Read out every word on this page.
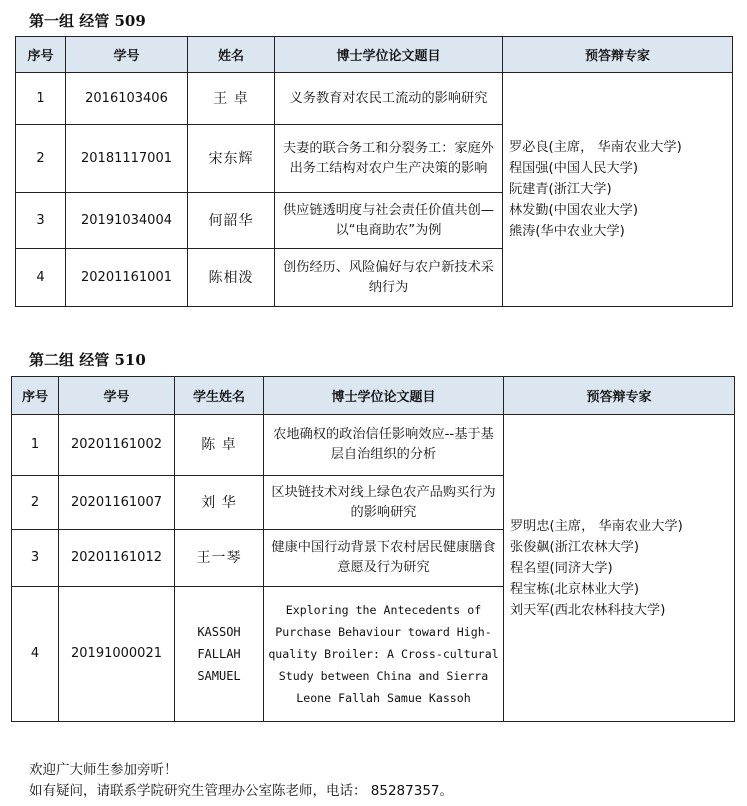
第一组 经管 509
序号	学号	姓名	博士学位论文题目	预答辩专家
1	2016103406	王 卓	义务教育对农民工流动的影响研究	罗必良(主席， 华南农业大学)
程国强(中国人民大学)
阮建青(浙江大学)
林发勤(中国农业大学)
熊涛(华中农业大学)

2	20181117001	宋东辉	夫妻的联合务工和分裂务工：家庭外出务工结构对农户生产决策的影响	
3	20191034004	何韶华	供应链透明度与社会责任价值共创— 以“电商助农”为例	
4	20201161001	陈相泼	创伤经历、风险偏好与农户新技术采纳行为	
第二组 经管 510
序号	学号	学生姓名	博士学位论文题目	预答辩专家
1	20201161002	陈 卓	农地确权的政治信任影响效应--基于基层自治组织的分析	罗明忠(主席， 华南农业大学)
张俊飙(浙江农林大学)
程名望(同济大学)
程宝栋(北京林业大学)
刘天军(西北农林科技大学)

2	20201161007	刘 华	区块链技术对线上绿色农产品购买行为的影响研究	
3	20201161012	王一琴	健康中国行动背景下农村居民健康膳食意愿及行为研究	
4	20191000021	KASSOH FALLAH SAMUEL	Exploring the Antecedents of Purchase Behaviour toward High-quality Broiler: A Cross-cultural Study between China and Sierra Leone Fallah Samue Kassoh	
欢迎广大师生参加旁听！
如有疑问，请联系学院研究生管理办公室陈老师，电话： 85287357。
